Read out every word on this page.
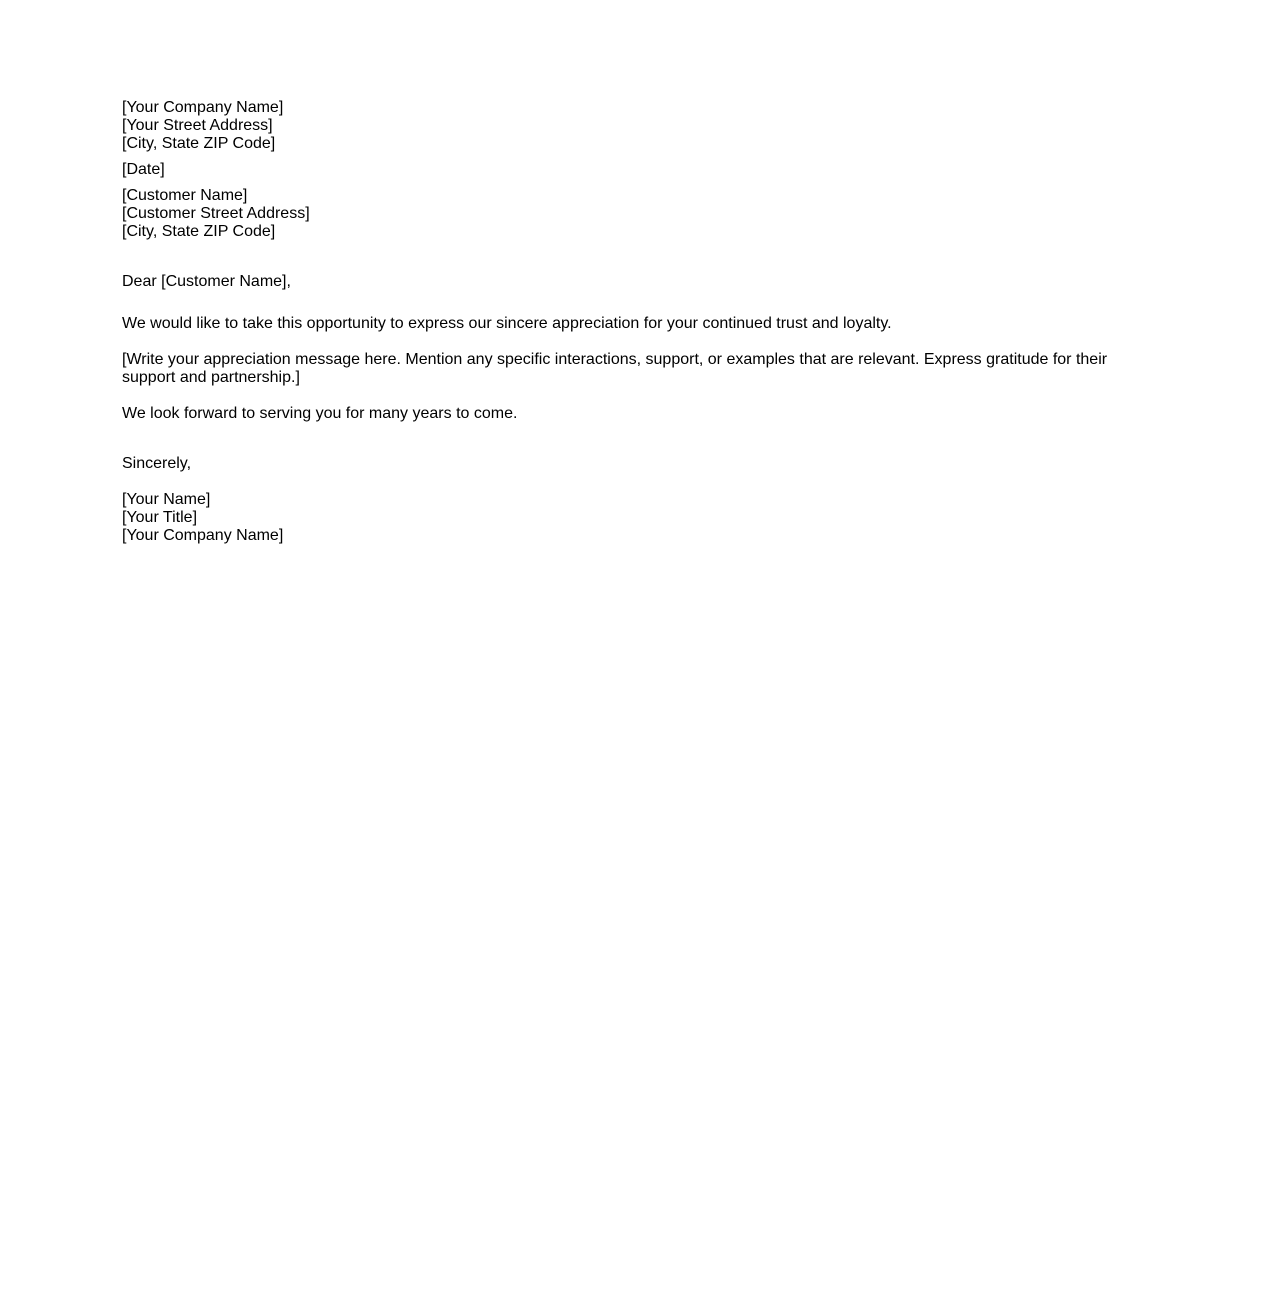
[Your Company Name]
[Your Street Address]
[City, State ZIP Code]
[Date]
[Customer Name]
[Customer Street Address]
[City, State ZIP Code]

Dear [Customer Name],

We would like to take this opportunity to express our sincere appreciation for your continued trust and loyalty.

[Write your appreciation message here. Mention any specific interactions, support, or examples that are relevant. Express gratitude for their support and partnership.]

We look forward to serving you for many years to come.

Sincerely,

[Your Name]
[Your Title]
[Your Company Name]
